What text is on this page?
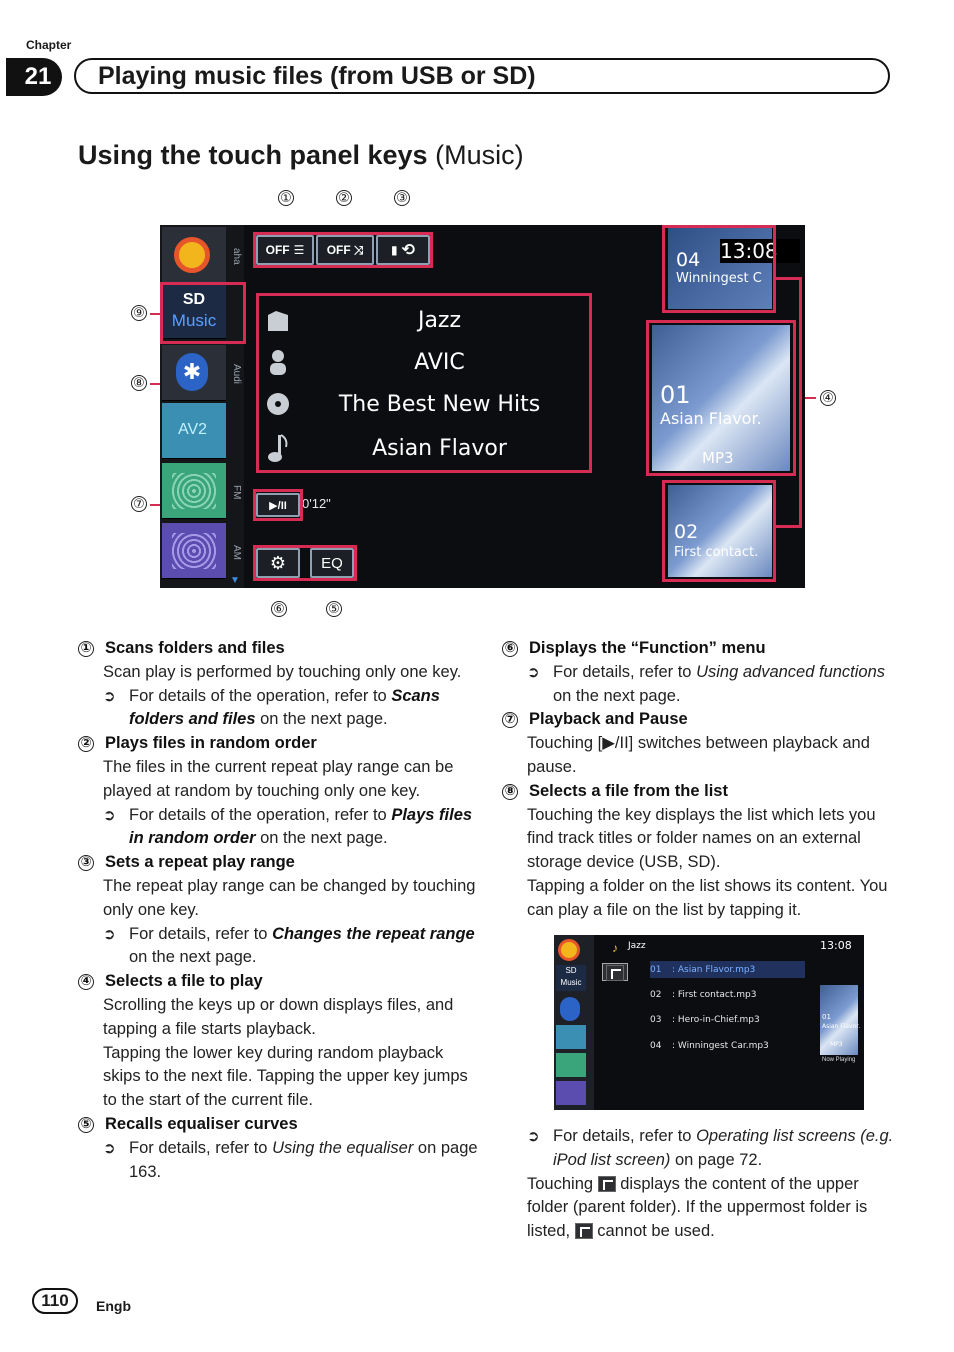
Chapter
21	Playing music files (from USB or SD)
Using the touch panel keys (Music)
①	②	③
④
⑤
⑥
⑦
⑧
⑨
aha
SD
Music
✱	Audi
AV2
FM
AM
▼
OFF ☰ OFF ⤨ ▮ ⟲
Jazz
AVIC
The Best New Hits
Asian Flavor
▶/II	0'12"
⚙	EQ
04
Winningest C
13:08
01
Asian Flavor.
MP3
02
First contact.
① Scans folders and files
Scan play is performed by touching only one key.
➲ For details of the operation, refer to Scans folders and files on the next page.
② Plays files in random order
The files in the current repeat play range can be played at random by touching only one key.
➲ For details of the operation, refer to Plays files in random order on the next page.
③ Sets a repeat play range
The repeat play range can be changed by touching only one key.
➲ For details, refer to Changes the repeat range on the next page.
④ Selects a file to play
Scrolling the keys up or down displays files, and tapping a file starts playback.
Tapping the lower key during random playback skips to the next file. Tapping the upper key jumps to the start of the current file.
⑤ Recalls equaliser curves
➲ For details, refer to Using the equaliser on page 163.
⑥ Displays the “Function” menu
➲ For details, refer to Using advanced functions on the next page.
⑦ Playback and Pause
Touching [▶/II] switches between playback and pause.
⑧ Selects a file from the list
Touching the key displays the list which lets you find track titles or folder names on an external storage device (USB, SD).
Tapping a folder on the list shows its content. You can play a file on the list by tapping it.
SD
Music
♪ Jazz	13:08
01	: Asian Flavor.mp3
02	: First contact.mp3
03	: Hero-in-Chief.mp3
04	: Winningest Car.mp3
01
Asian Flavor.
MP3
Now Playing
➲ For details, refer to Operating list screens (e.g. iPod list screen) on page 72.
Touching displays the content of the upper folder (parent folder). If the uppermost folder is listed, cannot be used.
110	Engb
